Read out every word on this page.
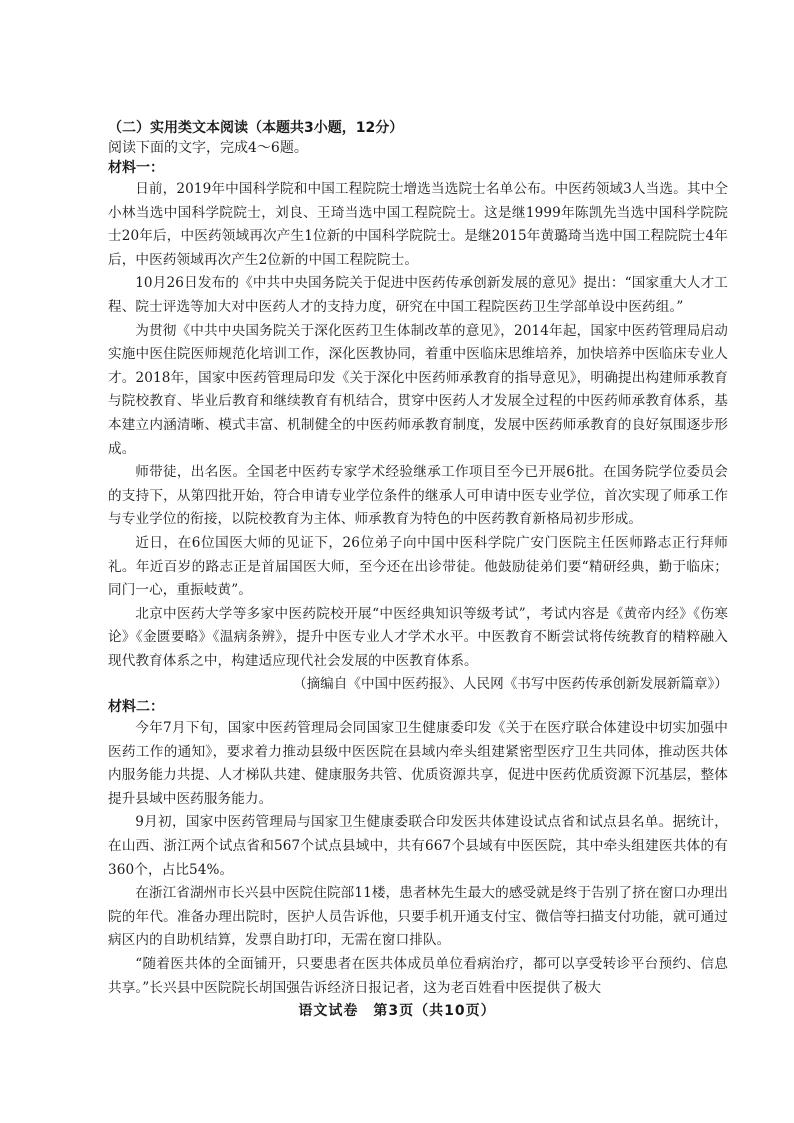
（二）实用类文本阅读（本题共3小题，12分）
阅读下面的文字，完成4～6题。
材料一：

日前，2019年中国科学院和中国工程院院士增选当选院士名单公布。中医药领域3人当选。其中仝小林当选中国科学院院士，刘良、王琦当选中国工程院院士。这是继1999年陈凯先当选中国科学院院士20年后，中医药领域再次产生1位新的中国科学院院士。是继2015年黄璐琦当选中国工程院院士4年后，中医药领域再次产生2位新的中国工程院院士。

10月26日发布的《中共中央国务院关于促进中医药传承创新发展的意见》提出：“国家重大人才工程、院士评选等加大对中医药人才的支持力度，研究在中国工程院医药卫生学部单设中医药组。”

为贯彻《中共中央国务院关于深化医药卫生体制改革的意见》，2014年起，国家中医药管理局启动实施中医住院医师规范化培训工作，深化医教协同，着重中医临床思维培养，加快培养中医临床专业人才。2018年，国家中医药管理局印发《关于深化中医药师承教育的指导意见》，明确提出构建师承教育与院校教育、毕业后教育和继续教育有机结合，贯穿中医药人才发展全过程的中医药师承教育体系，基本建立内涵清晰、模式丰富、机制健全的中医药师承教育制度，发展中医药师承教育的良好氛围逐步形成。

师带徒，出名医。全国老中医药专家学术经验继承工作项目至今已开展6批。在国务院学位委员会的支持下，从第四批开始，符合申请专业学位条件的继承人可申请中医专业学位，首次实现了师承工作与专业学位的衔接，以院校教育为主体、师承教育为特色的中医药教育新格局初步形成。

近日，在6位国医大师的见证下，26位弟子向中国中医科学院广安门医院主任医师路志正行拜师礼。年近百岁的路志正是首届国医大师，至今还在出诊带徒。他鼓励徒弟们要“精研经典，勤于临床；同门一心，重振岐黄”。

北京中医药大学等多家中医药院校开展“中医经典知识等级考试”，考试内容是《黄帝内经》《伤寒论》《金匮要略》《温病条辨》，提升中医专业人才学术水平。中医教育不断尝试将传统教育的精粹融入现代教育体系之中，构建适应现代社会发展的中医教育体系。

（摘编自《中国中医药报》、人民网《书写中医药传承创新发展新篇章》）
材料二：

今年7月下旬，国家中医药管理局会同国家卫生健康委印发《关于在医疗联合体建设中切实加强中医药工作的通知》，要求着力推动县级中医医院在县域内牵头组建紧密型医疗卫生共同体，推动医共体内服务能力共提、人才梯队共建、健康服务共管、优质资源共享，促进中医药优质资源下沉基层，整体提升县域中医药服务能力。

9月初，国家中医药管理局与国家卫生健康委联合印发医共体建设试点省和试点县名单。据统计，在山西、浙江两个试点省和567个试点县域中，共有667个县域有中医医院，其中牵头组建医共体的有360个，占比54%。

在浙江省湖州市长兴县中医院住院部11楼，患者林先生最大的感受就是终于告别了挤在窗口办理出院的年代。准备办理出院时，医护人员告诉他，只要手机开通支付宝、微信等扫描支付功能，就可通过病区内的自助机结算，发票自助打印，无需在窗口排队。

“随着医共体的全面铺开，只要患者在医共体成员单位看病治疗，都可以享受转诊平台预约、信息共享。”长兴县中医院院长胡国强告诉经济日报记者，这为老百姓看中医提供了极大

语文试卷　第3页（共10页）
